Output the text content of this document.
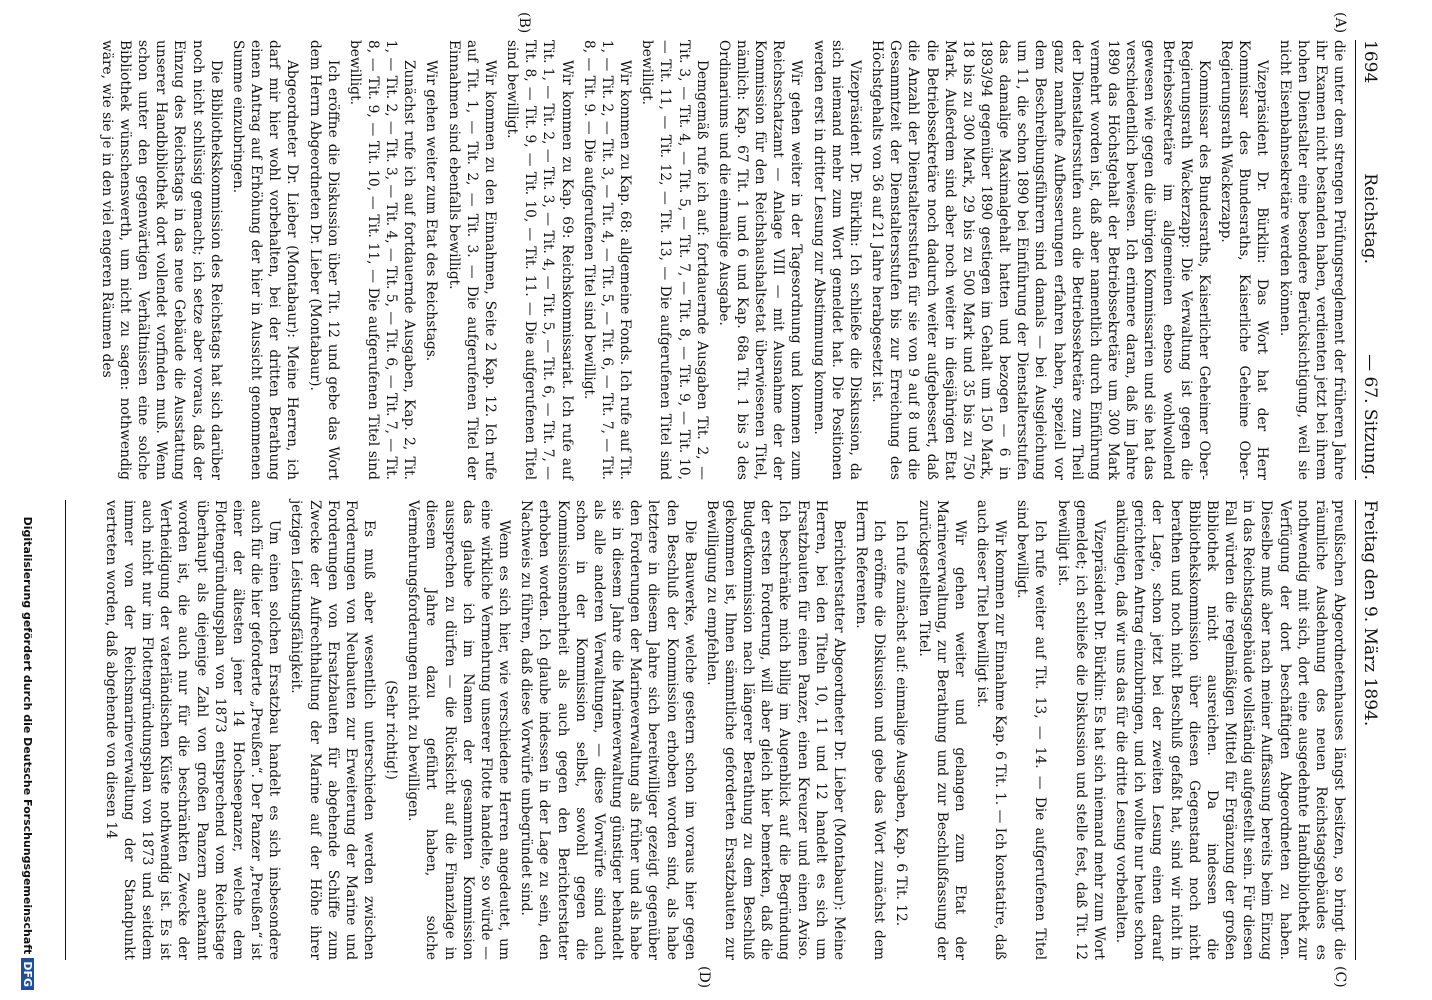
1694
Reichstag.
— 67. Sitzung.
Freitag den 9. März 1894.
(A)
(B)
(C)
(D)

die unter dem strengen Prüfungsreglement der früheren Jahre ihr Examen nicht bestanden haben, verdienten jetzt bei ihrem hohen Dienstalter eine besondere Berücksichtigung, weil sie nicht Eisenbahnsekretäre werden können.

Vizepräsident Dr. Bürklin: Das Wort hat der Herr Kommissar des Bundesraths, Kaiserliche Geheime Ober-Regierungsrath Wackerzapp.

Kommissar des Bundesraths, Kaiserlicher Geheimer Ober-Regierungsrath Wackerzapp: Die Verwaltung ist gegen die Betriebssekretäre im allgemeinen ebenso wohlwollend gewesen wie gegen die übrigen Kommissarien und sie hat das verschiedentlich bewiesen. Ich erinnere daran, daß im Jahre 1890 das Höchstgehalt der Betriebssekretäre um 300 Mark vermehrt worden ist, daß aber namentlich durch Einführung der Dienstaltersstufen auch die Betriebssekretäre zum Theil ganz namhafte Aufbesserungen erfahren haben, speziell vor dem Beschreibungsführern sind damals — bei Ausgleichung um 11, die schon 1890 bei Einführung der Dienstaltersstufen das damalige Maximalgehalt hatten und bezogen — 6 in 1893/94 gegenüber 1890 gestiegen im Gehalt um 150 Mark, 18 bis zu 300 Mark, 29 bis zu 500 Mark und 35 bis zu 750 Mark. Außerdem sind aber noch weiter in diesjährigen Etat die Betriebssekretäre noch dadurch weiter aufgebessert, daß die Anzahl der Dienstaltersstufen für sie von 9 auf 8 und die Gesammtzeit der Dienstaltersstufen bis zur Erreichung des Höchstgehalts von 36 auf 21 Jahre herabgesetzt ist.

Vizepräsident Dr. Bürklin: Ich schließe die Diskussion, da sich niemand mehr zum Wort gemeldet hat. Die Positionen werden erst in dritter Lesung zur Abstimmung kommen.

Wir gehen weiter in der Tagesordnung und kommen zum Reichsschatzamt — Anlage VIII — mit Ausnahme der der Kommission für den Reichshaushaltsetat überwiesenen Titel, nämlich: Kap. 67 Tit. 1 und 6 und Kap. 68a Tit. 1 bis 3 des Ordinariums und die einmalige Ausgabe.

Demgemäß rufe ich auf: fortdauernde Ausgaben Tit. 2, — Tit. 3, — Tit. 4, — Tit. 5, — Tit. 7, — Tit. 8, — Tit. 9, — Tit. 10, — Tit. 11, — Tit. 12, — Tit. 13, — Die aufgerufenen Titel sind bewilligt.

Wir kommen zu Kap. 68: allgemeine Fonds. Ich rufe auf Tit. 1, — Tit. 2, — Tit. 3, — Tit. 4, — Tit. 5, — Tit. 6, — Tit. 7, — Tit. 8, — Tit. 9. — Die aufgerufenen Titel sind bewilligt.

Wir kommen zu Kap. 69: Reichskommissariat. Ich rufe auf Tit. 1, — Tit. 2, — Tit. 3, — Tit. 4, — Tit. 5, — Tit. 6, — Tit. 7, — Tit. 8, — Tit. 9, — Tit. 10, — Tit. 11. — Die aufgerufenen Titel sind bewilligt.

Wir kommen zu den Einnahmen, Seite 2 Kap. 12. Ich rufe auf Tit. 1, — Tit. 2, — Tit. 3. — Die aufgerufenen Titel der Einnahmen sind ebenfalls bewilligt.

Wir gehen weiter zum Etat des Reichstags.

Zunächst rufe ich auf fortdauernde Ausgaben, Kap. 2, Tit. 1, — Tit. 2, — Tit. 3, — Tit. 4, — Tit. 5, — Tit. 6, — Tit. 7, — Tit. 8, — Tit. 9, — Tit. 10, — Tit. 11, — Die aufgerufenen Titel sind bewilligt.

Ich eröffne die Diskussion über Tit. 12 und gebe das Wort dem Herrn Abgeordneten Dr. Lieber (Montabaur).

Abgeordneter Dr. Lieber (Montabaur): Meine Herren, ich darf mir hier wohl vorbehalten, bei der dritten Berathung einen Antrag auf Erhöhung der hier in Aussicht genommenen Summe einzubringen.

Die Bibliothekskommission des Reichstags hat sich darüber noch nicht schlüssig gemacht; ich setze aber voraus, daß der Einzug des Reichstags in das neue Gebäude die Ausstattung unserer Handbibliothek dort vollendet vorfinden muß. Wenn schon unter den gegenwärtigen Verhältnissen eine solche Bibliothek wünschenswerth, um nicht zu sagen: nothwendig wäre, wie sie je in den viel engeren Räumen des

preußischen Abgeordnetenhauses längst besitzen, so bringt die räumliche Ausdehnung des neuen Reichstagsgebäudes es nothwendig mit sich, dort eine ausgedehnte Handbibliothek zur Verfügung der dort beschäftigten Abgeordneten zu haben. Dieselbe muß aber nach meiner Auffassung bereits beim Einzug in das Reichstagsgebäude vollständig aufgestellt sein. Für diesen Fall würden die regelmäßigen Mittel für Ergänzung der großen Bibliothek nicht ausreichen. Da indessen die Bibliothekskommission über diesen Gegenstand noch nicht berathen und noch nicht Beschluß gefaßt hat, sind wir nicht in der Lage, schon jetzt bei der zweiten Lesung einen darauf gerichteten Antrag einzubringen, und ich wollte nur heute schon ankündigen, daß wir uns das für die dritte Lesung vorbehalten.

Vizepräsident Dr. Bürklin: Es hat sich niemand mehr zum Wort gemeldet; ich schließe die Diskussion und stelle fest, daß Tit. 12 bewilligt ist.

Ich rufe weiter auf Tit. 13, — 14. — Die aufgerufenen Titel sind bewilligt.

Wir kommen zur Einnahme Kap. 6 Tit. 1. — Ich konstatire, daß auch dieser Titel bewilligt ist.

Wir gehen weiter und gelangen zum Etat der Marineverwaltung, zur Berathung und zur Beschlußfassung der zurückgestellten Titel.

Ich rufe zunächst auf: einmalige Ausgaben, Kap. 6 Tit. 12.

Ich eröffne die Diskussion und gebe das Wort zunächst dem Herrn Referenten.

Berichterstatter Abgeordneter Dr. Lieber (Montabaur): Meine Herren, bei den Titeln 10, 11 und 12 handelt es sich um Ersatzbauten für einen Panzer, einen Kreuzer und einen Aviso. Ich beschränke mich billig im Augenblick auf die Begründung der ersten Forderung, will aber gleich hier bemerken, daß die Budgetkommission nach längerer Berathung zu dem Beschluß gekommen ist, Ihnen sämmtliche geforderten Ersatzbauten zur Bewilligung zu empfehlen.

Die Bauwerke, welche gestern schon im voraus hier gegen den Beschluß der Kommission erhoben worden sind, als habe letztere in diesem Jahre sich bereitwilliger gezeigt gegenüber den Forderungen der Marineverwaltung als früher und als habe sie in diesem Jahre die Marineverwaltung günstiger behandelt als alle anderen Verwaltungen, — diese Vorwürfe sind auch schon in der Kommission selbst, sowohl gegen die Kommissionsmehrheit als auch gegen den Berichterstatter erhoben worden. Ich glaube indessen in der Lage zu sein, den Nachweis zu führen, daß diese Vorwürfe unbegründet sind.

Wenn es sich hier, wie verschiedene Herren angedeutet, um eine wirkliche Vermehrung unserer Flotte handelte, so würde — das glaube ich im Namen der gesammten Kommission aussprechen zu dürfen — die Rücksicht auf die Finanzlage in diesem Jahre dazu geführt haben, solche Vermehrungsforderungen nicht zu bewilligen.

(Sehr richtig!)

Es muß aber wesentlich unterschieden werden zwischen Forderungen von Neubauten zur Erweiterung der Marine und Forderungen von Ersatzbauten für abgehende Schiffe zum Zwecke der Aufrechthaltung der Marine auf der Höhe ihrer jetzigen Leistungsfähigkeit.

Um einen solchen Ersatzbau handelt es sich insbesondere auch für die hier geforderte „Preußen“. Der Panzer „Preußen“ ist einer der ältesten jener 14 Hochseepanzer, welche dem Flottengründungsplan von 1873 entsprechend vom Reichstage überhaupt als diejenige Zahl von großen Panzern anerkannt worden ist, die auch nur für die beschränkten Zwecke der Vertheidigung der vaterländischen Küste nothwendig ist. Es ist auch nicht nur im Flottengründungsplan von 1873 und seitdem immer von der Reichsmarineverwaltung der Standpunkt vertreten worden, daß abgehende von diesen 14

Digitalisierung gefördert durch die Deutsche ForschungsgemeinschaftDFG
